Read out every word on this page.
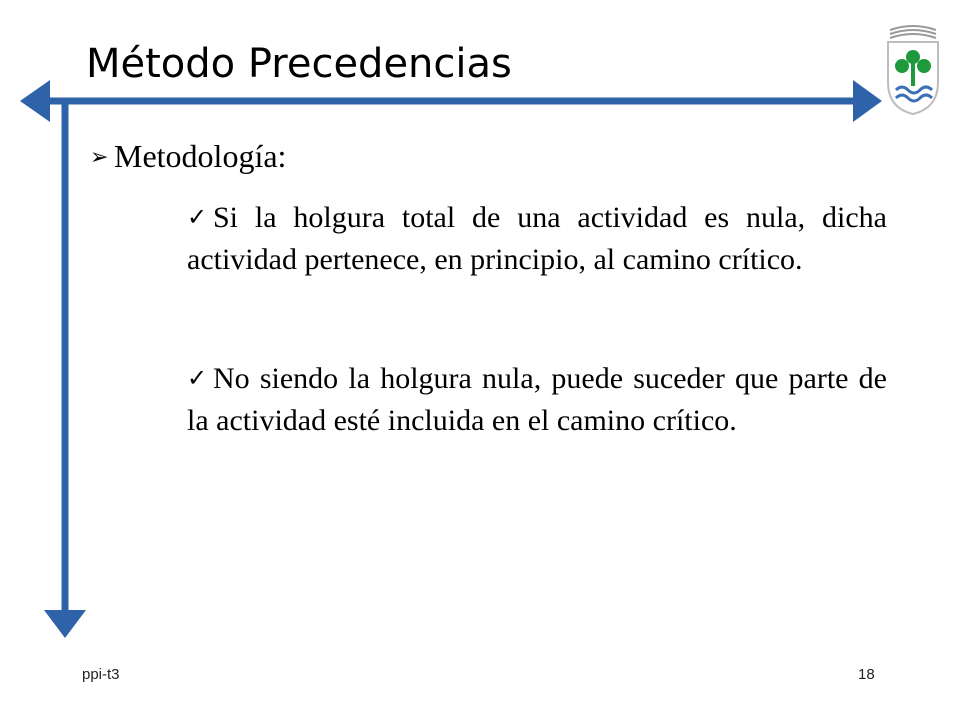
Método Precedencias
➢ Metodología:
✓ Si la holgura total de una actividad es nula, dicha actividad pertenece, en principio, al camino crítico.
✓ No siendo la holgura nula, puede suceder que parte de la actividad esté incluida en el camino crítico.
ppi-t3	18
